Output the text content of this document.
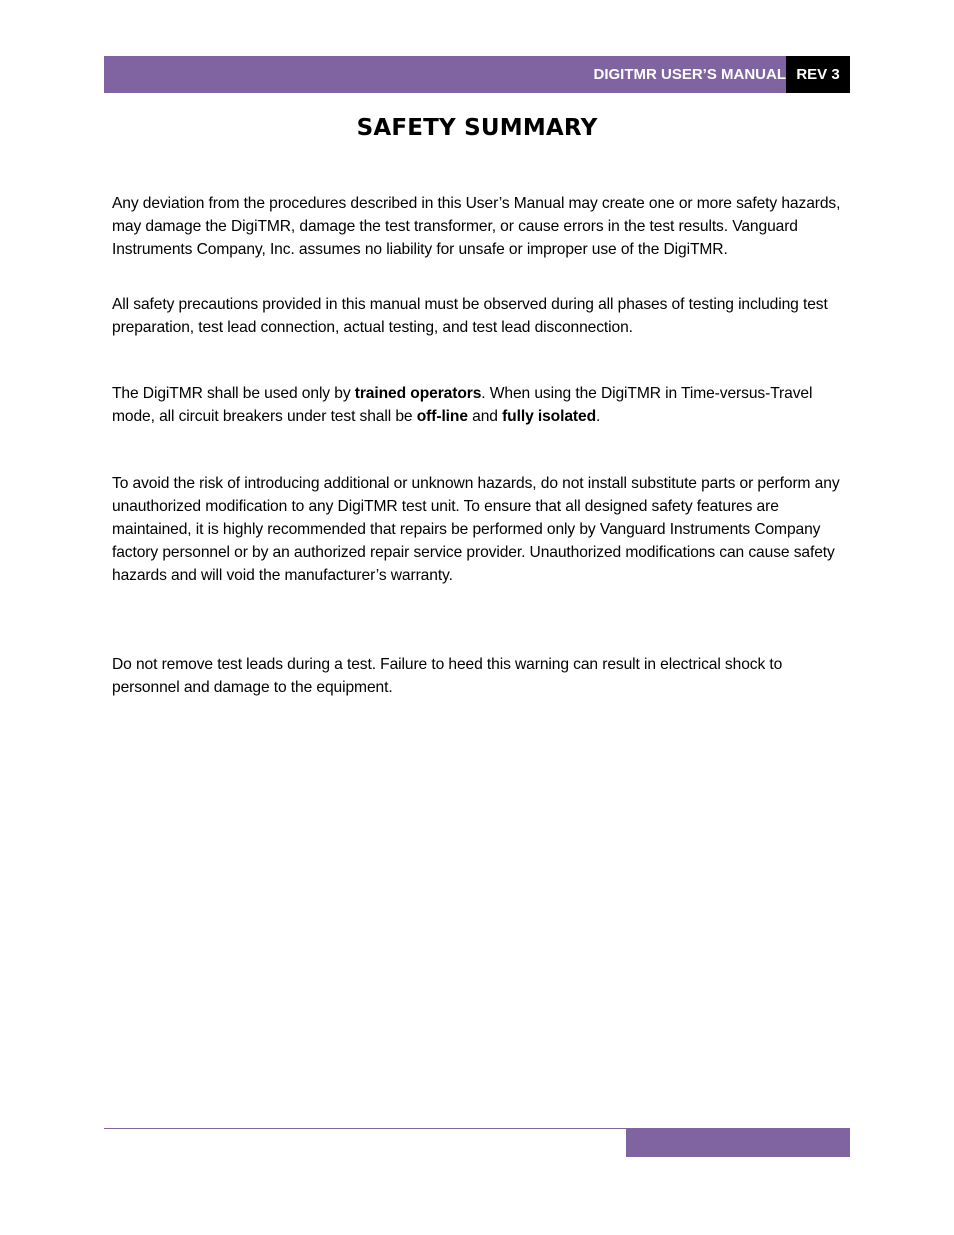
DIGITMR USER’S MANUAL REV 3
SAFETY SUMMARY

Any deviation from the procedures described in this User’s Manual may create one or more safety hazards, may damage the DigiTMR, damage the test transformer, or cause errors in the test results. Vanguard Instruments Company, Inc. assumes no liability for unsafe or improper use of the DigiTMR.

All safety precautions provided in this manual must be observed during all phases of testing including test preparation, test lead connection, actual testing, and test lead disconnection.

The DigiTMR shall be used only by trained operators. When using the DigiTMR in Time-versus-Travel mode, all circuit breakers under test shall be off-line and fully isolated.

To avoid the risk of introducing additional or unknown hazards, do not install substitute parts or perform any unauthorized modification to any DigiTMR test unit. To ensure that all designed safety features are maintained, it is highly recommended that repairs be performed only by Vanguard Instruments Company factory personnel or by an authorized repair service provider. Unauthorized modifications can cause safety hazards and will void the manufacturer’s warranty.

Do not remove test leads during a test. Failure to heed this warning can result in electrical shock to personnel and damage to the equipment.
